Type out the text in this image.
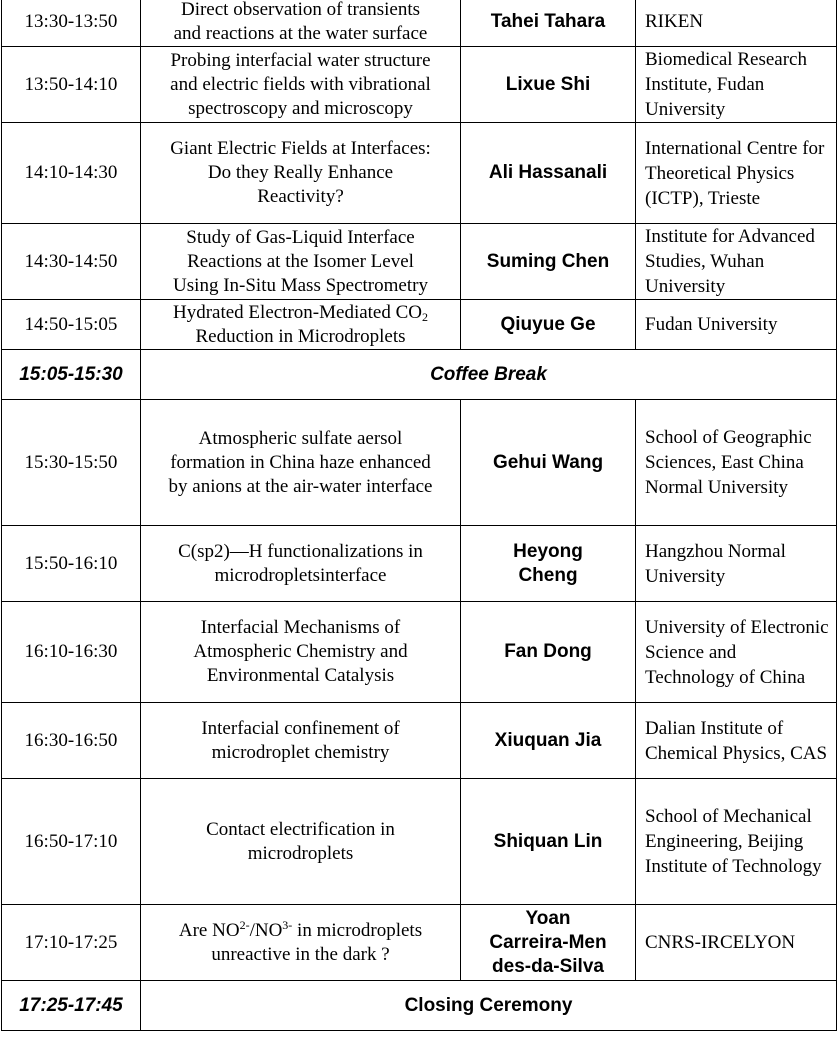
13:30-13:50	Direct observation of transients
and reactions at the water surface	Tahei Tahara	RIKEN
13:50-14:10	Probing interfacial water structure
and electric fields with vibrational
spectroscopy and microscopy	Lixue Shi	Biomedical Research Institute, Fudan University
14:10-14:30	Giant Electric Fields at Interfaces:
Do they Really Enhance
Reactivity?	Ali Hassanali	International Centre for Theoretical Physics (ICTP), Trieste
14:30-14:50	Study of Gas-Liquid Interface
Reactions at the Isomer Level
Using In-Situ Mass Spectrometry	Suming Chen	Institute for Advanced Studies, Wuhan University
14:50-15:05	Hydrated Electron-Mediated $CO_2$
Reduction in Microdroplets	Qiuyue Ge	Fudan University
15:05-15:30	Coffee Break		
15:30-15:50	Atmospheric sulfate aersol
formation in China haze enhanced
by anions at the air-water interface	Gehui Wang	School of Geographic Sciences, East China Normal University
15:50-16:10	C(sp2)—H functionalizations in
microdropletsinterface	Heyong
Cheng	Hangzhou Normal University
16:10-16:30	Interfacial Mechanisms of
Atmospheric Chemistry and
Environmental Catalysis	Fan Dong	University of Electronic Science and Technology of China
16:30-16:50	Interfacial confinement of
microdroplet chemistry	Xiuquan Jia	Dalian Institute of Chemical Physics, CAS
16:50-17:10	Contact electrification in
microdroplets	Shiquan Lin	School of Mechanical Engineering, Beijing Institute of Technology
17:10-17:25	Are $NO^{2-}/NO^{3-}$ in microdroplets
unreactive in the dark ?	Yoan
Carreira-Men
des-da-Silva	CNRS-IRCELYON
17:25-17:45	Closing Ceremony		
